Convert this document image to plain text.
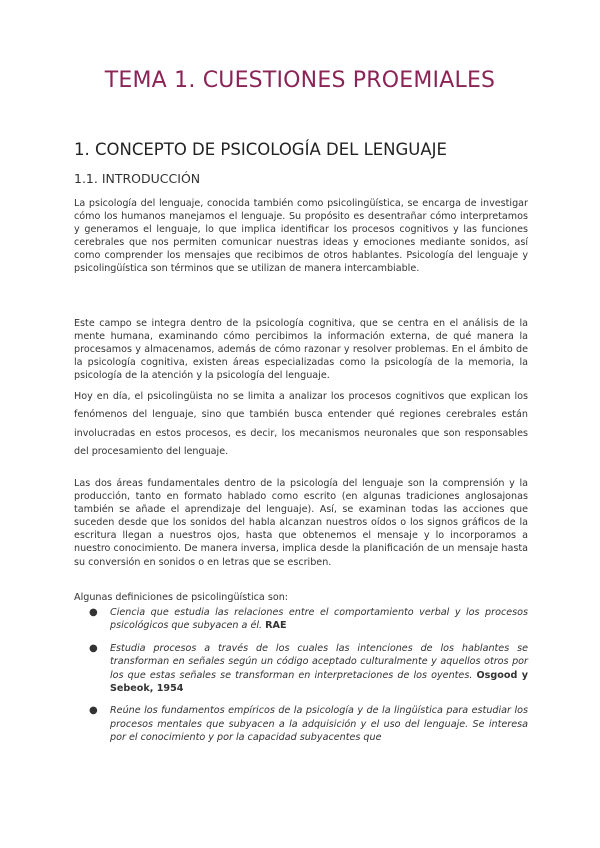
TEMA 1. CUESTIONES PROEMIALES
1. CONCEPTO DE PSICOLOGÍA DEL LENGUAJE
1.1. INTRODUCCIÓN

La psicología del lenguaje, conocida también como psicolingüística, se encarga de investigar cómo los humanos manejamos el lenguaje. Su propósito es desentrañar cómo interpretamos y generamos el lenguaje, lo que implica identificar los procesos cognitivos y las funciones cerebrales que nos permiten comunicar nuestras ideas y emociones mediante sonidos, así como comprender los mensajes que recibimos de otros hablantes. Psicología del lenguaje y psicolingüística son términos que se utilizan de manera intercambiable.

Este campo se integra dentro de la psicología cognitiva, que se centra en el análisis de la mente humana, examinando cómo percibimos la información externa, de qué manera la procesamos y almacenamos, además de cómo razonar y resolver problemas. En el ámbito de la psicología cognitiva, existen áreas especializadas como la psicología de la memoria, la psicología de la atención y la psicología del lenguaje.

Hoy en día, el psicolingüista no se limita a analizar los procesos cognitivos que explican los fenómenos del lenguaje, sino que también busca entender qué regiones cerebrales están involucradas en estos procesos, es decir, los mecanismos neuronales que son responsables del procesamiento del lenguaje.

Las dos áreas fundamentales dentro de la psicología del lenguaje son la comprensión y la producción, tanto en formato hablado como escrito (en algunas tradiciones anglosajonas también se añade el aprendizaje del lenguaje). Así, se examinan todas las acciones que suceden desde que los sonidos del habla alcanzan nuestros oídos o los signos gráficos de la escritura llegan a nuestros ojos, hasta que obtenemos el mensaje y lo incorporamos a nuestro conocimiento. De manera inversa, implica desde la planificación de un mensaje hasta su conversión en sonidos o en letras que se escriben.

Algunas definiciones de psicolingüística son:

● Ciencia que estudia las relaciones entre el comportamiento verbal y los procesos psicológicos que subyacen a él. RAE
● Estudia procesos a través de los cuales las intenciones de los hablantes se transforman en señales según un código aceptado culturalmente y aquellos otros por los que estas señales se transforman en interpretaciones de los oyentes. Osgood y Sebeok, 1954
● Reúne los fundamentos empíricos de la psicología y de la lingüística para estudiar los procesos mentales que subyacen a la adquisición y el uso del lenguaje. Se interesa por el conocimiento y por la capacidad subyacentes que
